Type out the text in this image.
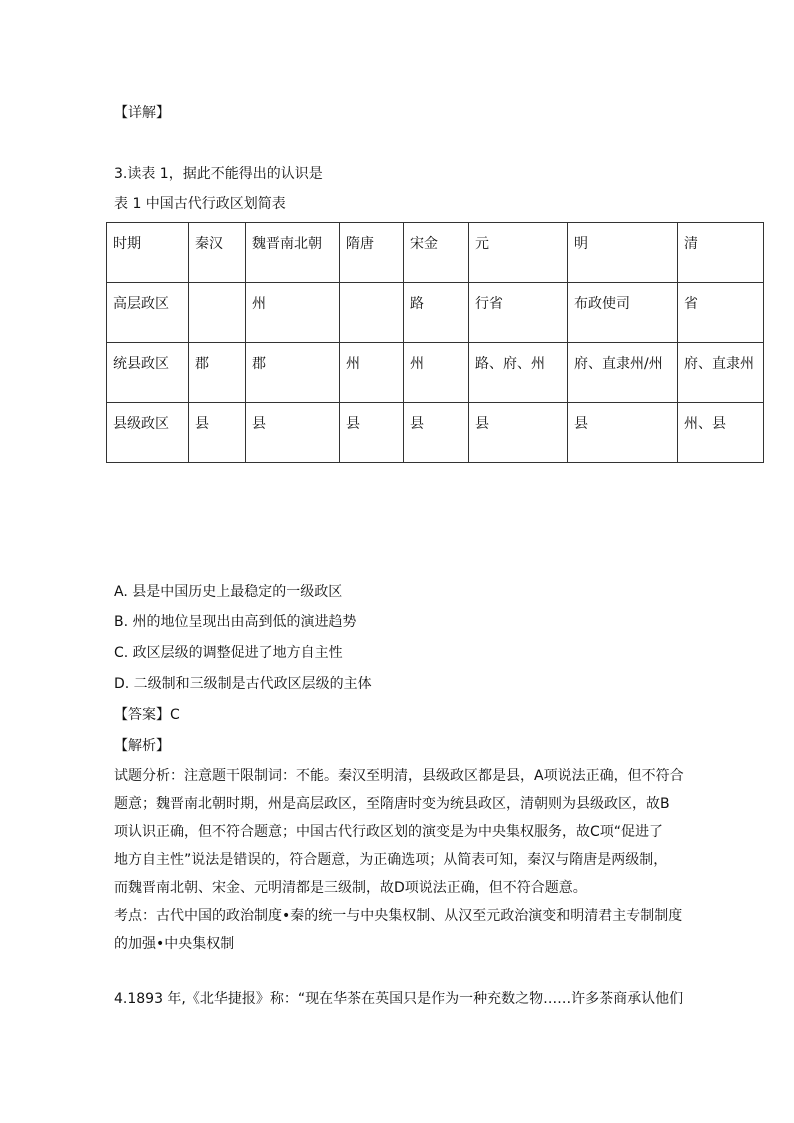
【详解】
3.读表 1，据此不能得出的认识是
表 1 中国古代行政区划简表
时期	秦汉	魏晋南北朝	隋唐	宋金	元	明	清
高层政区		州		路	行省	布政使司	省
统县政区	郡	郡	州	州	路、府、州	府、直隶州/州	府、直隶州
县级政区	县	县	县	县	县	县	州、县
A. 县是中国历史上最稳定的一级政区
B. 州的地位呈现出由高到低的演进趋势
C. 政区层级的调整促进了地方自主性
D. 二级制和三级制是古代政区层级的主体
【答案】C
【解析】
试题分析：注意题干限制词：不能。秦汉至明清，县级政区都是县，A项说法正确，但不符合
题意；魏晋南北朝时期，州是高层政区，至隋唐时变为统县政区，清朝则为县级政区，故B
项认识正确，但不符合题意；中国古代行政区划的演变是为中央集权服务，故C项“促进了
地方自主性”说法是错误的，符合题意，为正确选项；从简表可知，秦汉与隋唐是两级制，
而魏晋南北朝、宋金、元明清都是三级制，故D项说法正确，但不符合题意。
考点：古代中国的政治制度•秦的统一与中央集权制、从汉至元政治演变和明清君主专制制度
的加强•中央集权制
4.1893 年,《北华捷报》称：“现在华茶在英国只是作为一种充数之物……许多茶商承认他们
